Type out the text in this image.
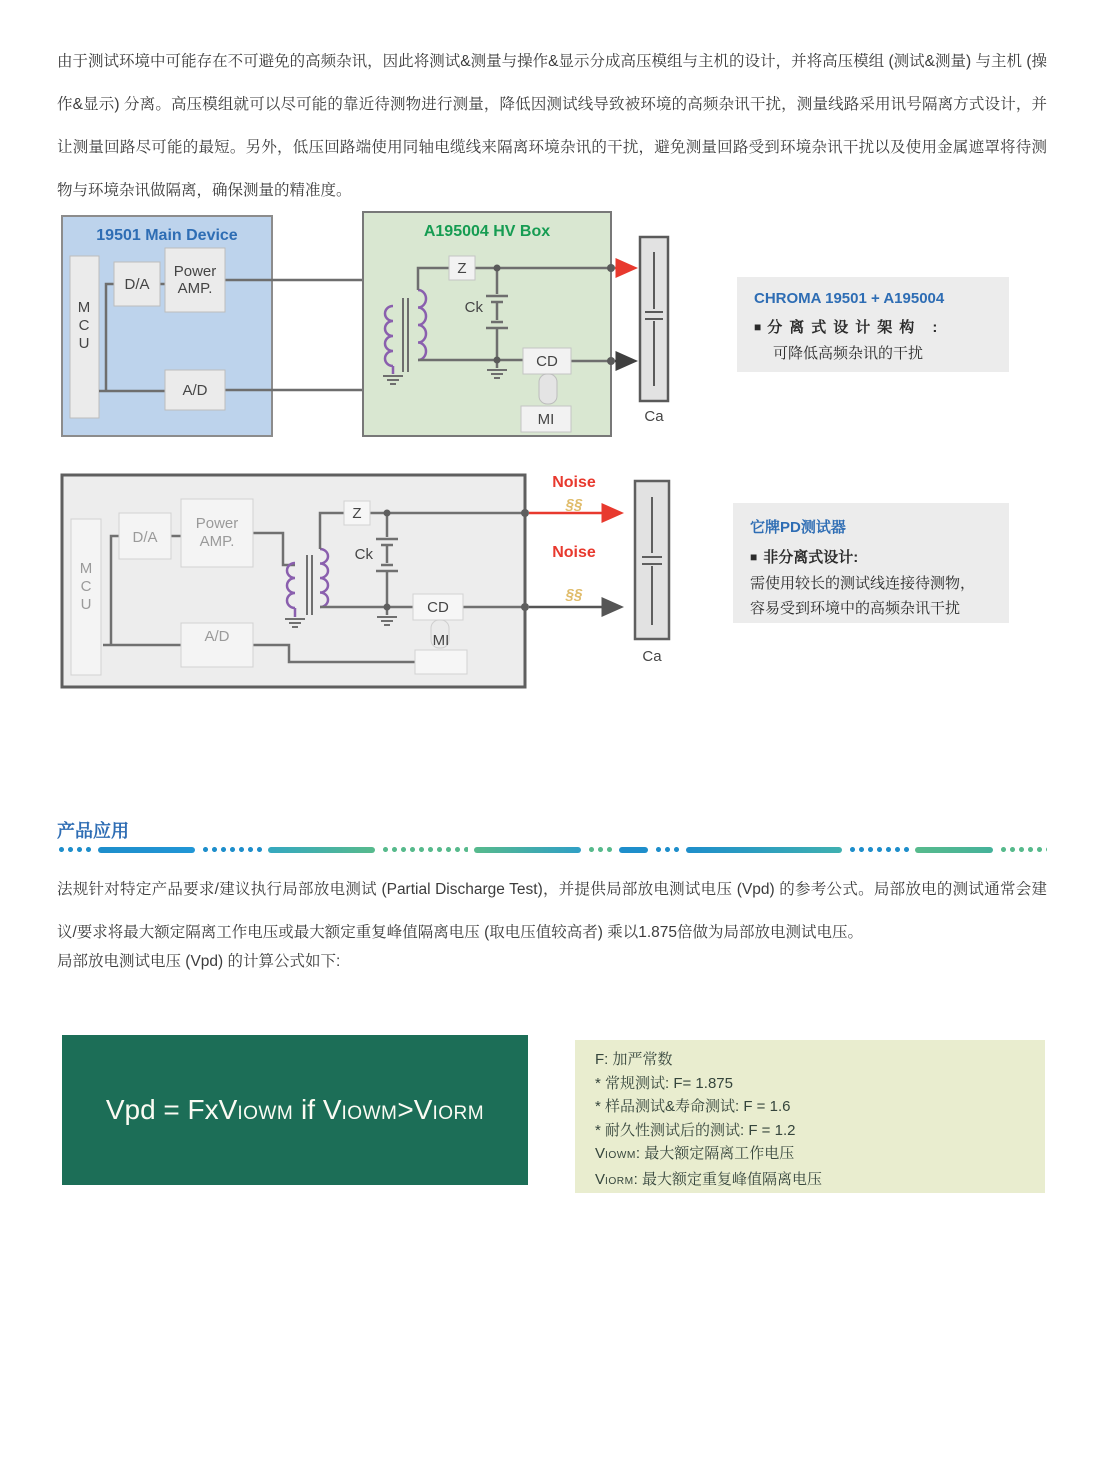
由于测试环境中可能存在不可避免的高频杂讯，因此将测试&测量与操作&显示分成高压模组与主机的设计，并将高压模组 (测试&测量) 与主机 (操作&显示) 分离。高压模组就可以尽可能的靠近待测物进行测量，降低因测试线导致被环境的高频杂讯干扰，测量线路采用讯号隔离方式设计，并让测量回路尽可能的最短。另外，低压回路端使用同轴电缆线来隔离环境杂讯的干扰，避免测量回路受到环境杂讯干扰以及使用金属遮罩将待测物与环境杂讯做隔离，确保测量的精准度。

19501 Main Device
M
C
U
D/A
Power
AMP.
A/D
A195004 HV Box
Z
Ck
CD
MI	Ca
CHROMA 19501 + A195004
■ 分离式设计架构 :
可降低高频杂讯的干扰
M
C
U
D/A
Power
AMP.
A/D
Z
Ck
CD
MI
Noise
§§
Noise
§§
Ca
它牌PD测试器
■ 非分离式设计:
需使用较长的测试线连接待测物，
容易受到环境中的高频杂讯干扰
产品应用

法规针对特定产品要求/建议执行局部放电测试 (Partial Discharge Test)，并提供局部放电测试电压 (Vpd) 的参考公式。局部放电的测试通常会建议/要求将最大额定隔离工作电压或最大额定重复峰值隔离电压 (取电压值较高者) 乘以1.875倍做为局部放电测试电压。

局部放电测试电压 (Vpd) 的计算公式如下:

Vpd = FxVIOWM if VIOWM>VIORM
F: 加严常数
* 常规测试: F= 1.875
* 样品测试&寿命测试: F = 1.6
* 耐久性测试后的测试: F = 1.2
VIOWM: 最大额定隔离工作电压
VIORM: 最大额定重复峰值隔离电压
